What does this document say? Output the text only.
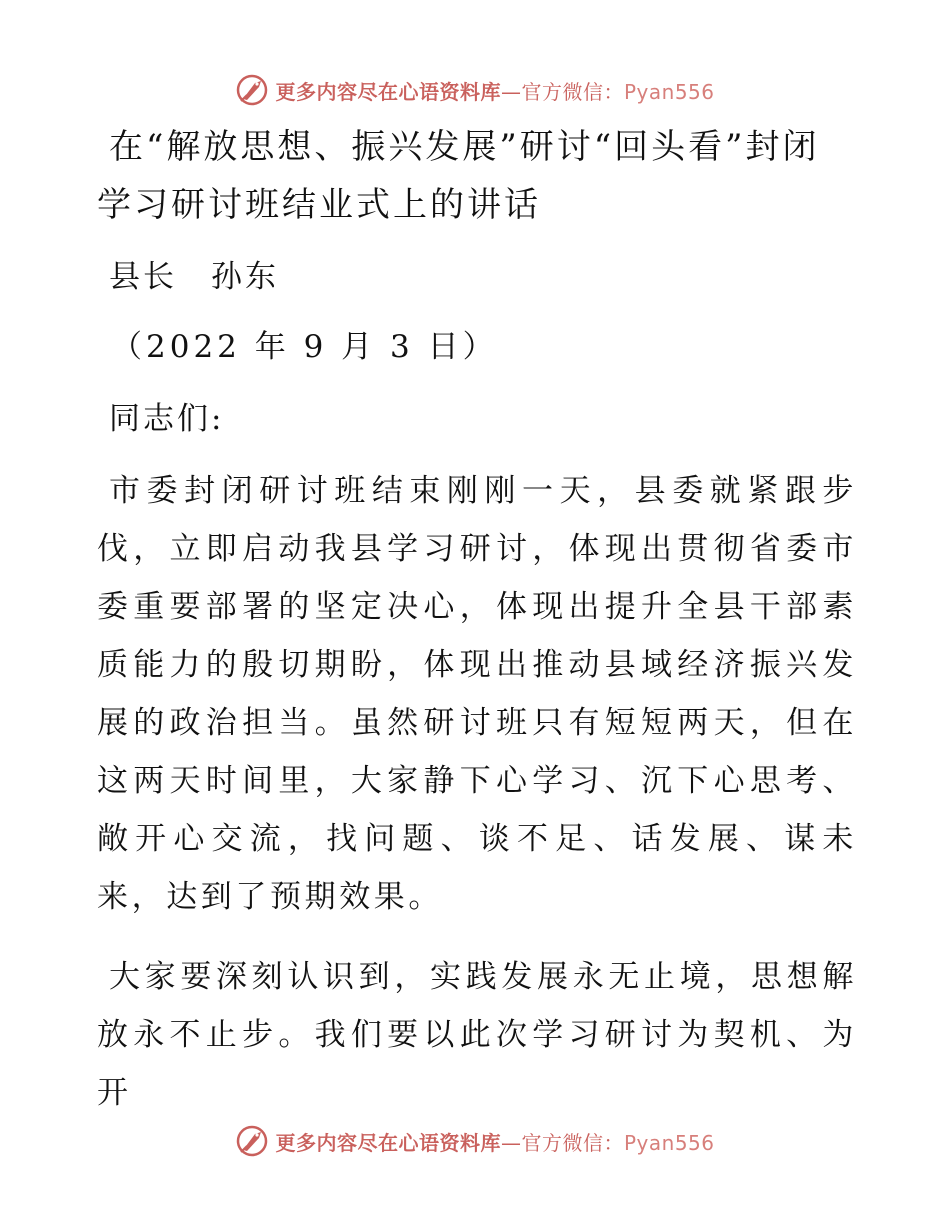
更多内容尽在心语资料库—官方微信：Pyan556
在“解放思想、振兴发展”研讨“回头看”封闭
学习研讨班结业式上的讲话

县长　孙东

（2022 年 9 月 3 日）

同志们:

市委封闭研讨班结束刚刚一天，县委就紧跟步伐，立即启动我县学习研讨，体现出贯彻省委市委重要部署的坚定决心，体现出提升全县干部素质能力的殷切期盼，体现出推动县域经济振兴发展的政治担当。虽然研讨班只有短短两天，但在这两天时间里，大家静下心学习、沉下心思考、敞开心交流，找问题、谈不足、话发展、谋未来，达到了预期效果。

大家要深刻认识到，实践发展永无止境，思想解放永不止步。我们要以此次学习研讨为契机、为开

更多内容尽在心语资料库—官方微信：Pyan556
